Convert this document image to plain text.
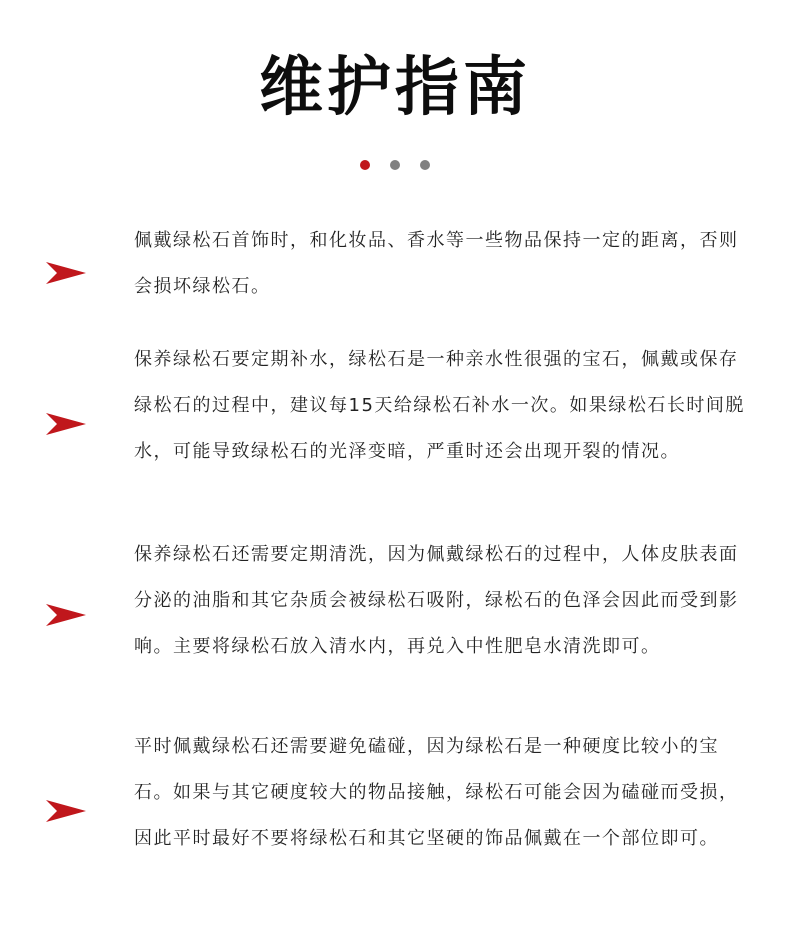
维护指南
佩戴绿松石首饰时，和化妆品、香水等一些物品保持一定的距离，否则会损坏绿松石。
保养绿松石要定期补水，绿松石是一种亲水性很强的宝石，佩戴或保存绿松石的过程中，建议每15天给绿松石补水一次。如果绿松石长时间脱水，可能导致绿松石的光泽变暗，严重时还会出现开裂的情况。
保养绿松石还需要定期清洗，因为佩戴绿松石的过程中，人体皮肤表面分泌的油脂和其它杂质会被绿松石吸附，绿松石的色泽会因此而受到影响。主要将绿松石放入清水内，再兑入中性肥皂水清洗即可。
平时佩戴绿松石还需要避免磕碰，因为绿松石是一种硬度比较小的宝石。如果与其它硬度较大的物品接触，绿松石可能会因为磕碰而受损，因此平时最好不要将绿松石和其它坚硬的饰品佩戴在一个部位即可。
